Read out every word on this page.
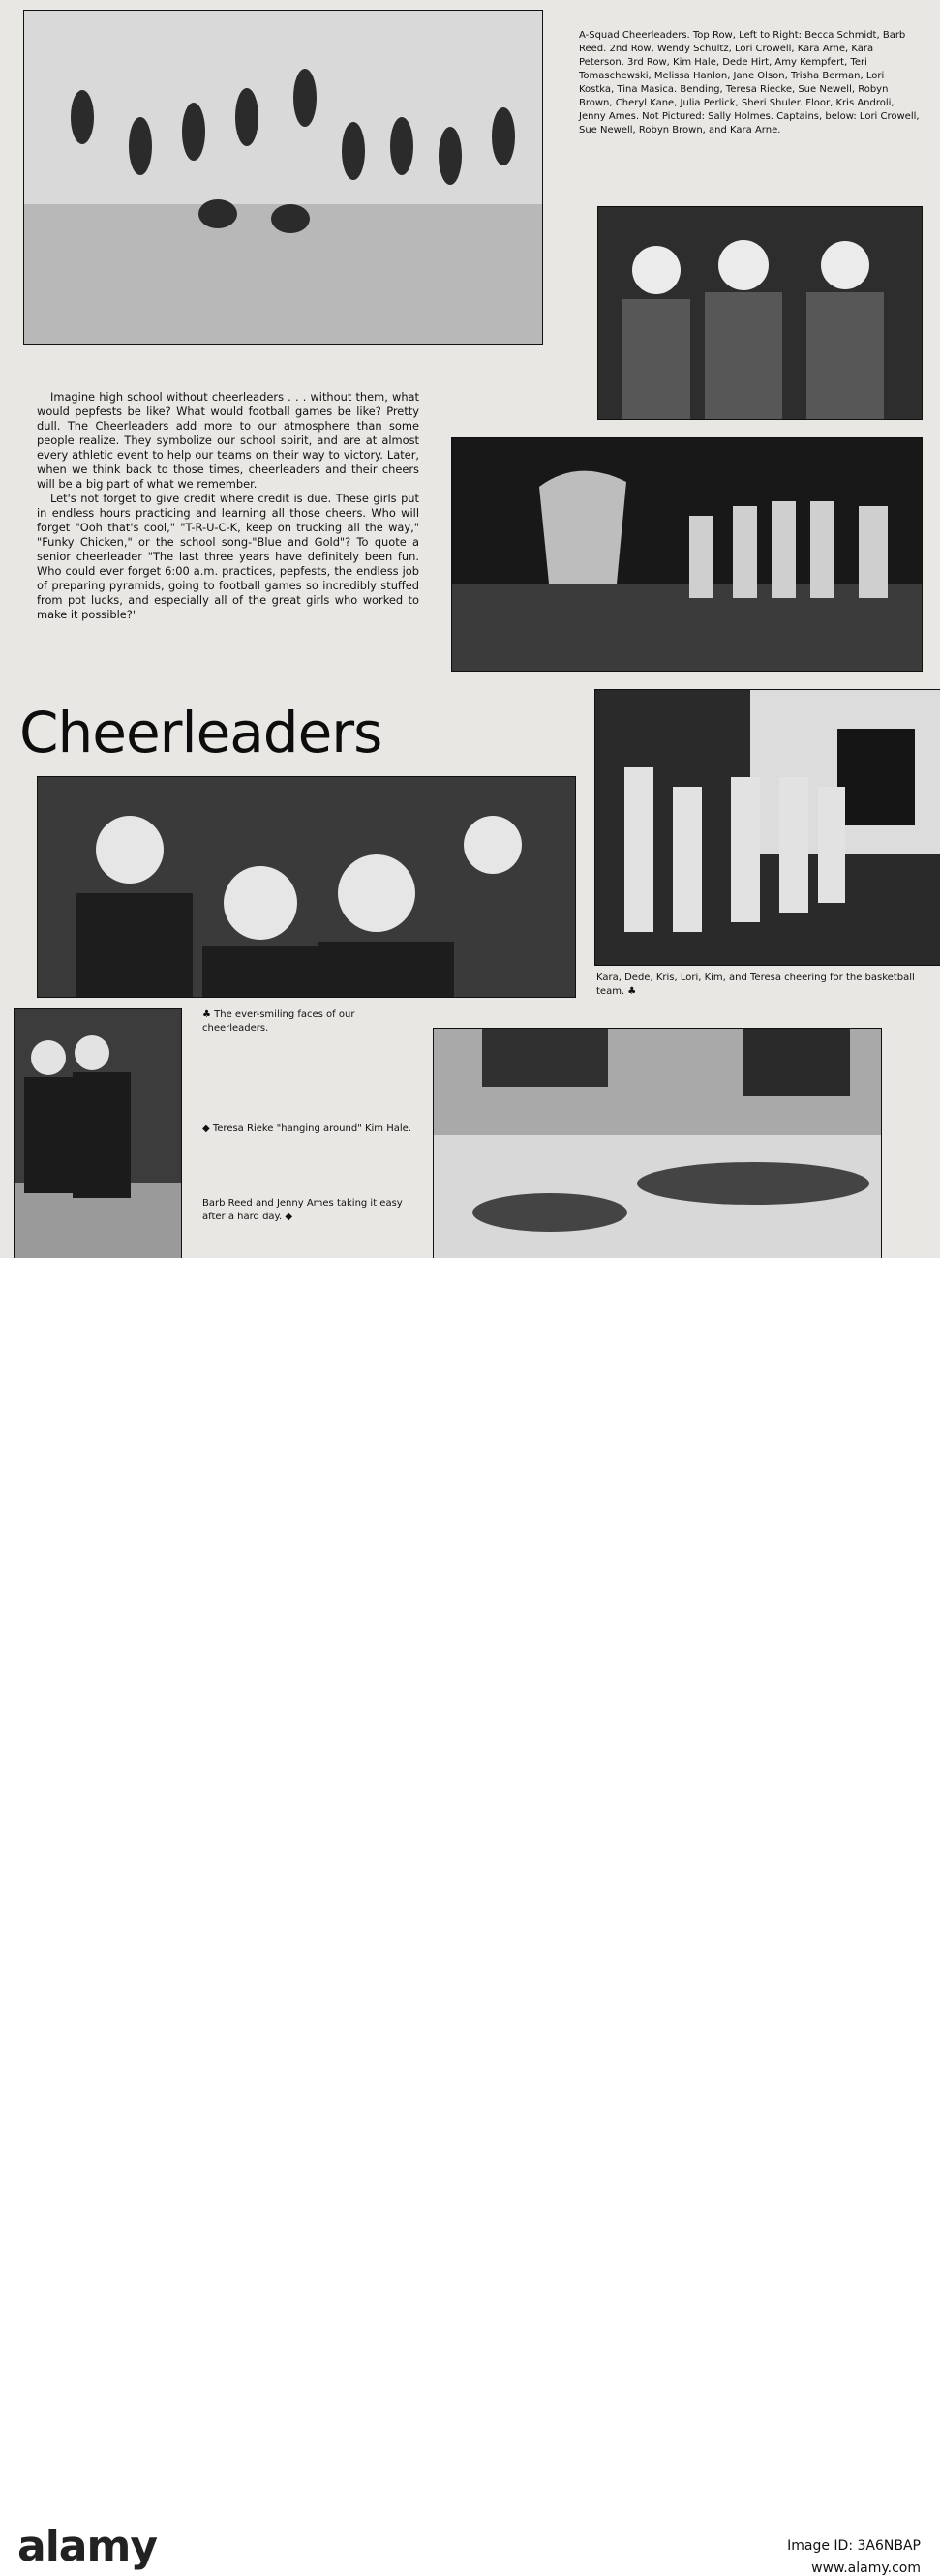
A-Squad Cheerleaders. Top Row, Left to Right: Becca Schmidt, Barb Reed. 2nd Row, Wendy Schultz, Lori Crowell, Kara Arne, Kara Peterson. 3rd Row, Kim Hale, Dede Hirt, Amy Kempfert, Teri Tomaschewski, Melissa Hanlon, Jane Olson, Trisha Berman, Lori Kostka, Tina Masica. Bending, Teresa Riecke, Sue Newell, Robyn Brown, Cheryl Kane, Julia Perlick, Sheri Shuler. Floor, Kris Androli, Jenny Ames. Not Pictured: Sally Holmes. Captains, below: Lori Crowell, Sue Newell, Robyn Brown, and Kara Arne.

Imagine high school without cheerleaders . . . without them, what would pepfests be like? What would football games be like? Pretty dull. The Cheerleaders add more to our atmosphere than some people realize. They symbolize our school spirit, and are at almost every athletic event to help our teams on their way to victory. Later, when we think back to those times, cheerleaders and their cheers will be a big part of what we remember.

Let's not forget to give credit where credit is due. These girls put in endless hours practicing and learning all those cheers. Who will forget "Ooh that's cool," "T-R-U-C-K, keep on trucking all the way," "Funky Chicken," or the school song-"Blue and Gold"? To quote a senior cheerleader "The last three years have definitely been fun. Who could ever forget 6:00 a.m. practices, pepfests, the endless job of preparing pyramids, going to football games so incredibly stuffed from pot lucks, and especially all of the great girls who worked to make it possible?"

Cheerleaders
Kara, Dede, Kris, Lori, Kim, and Teresa cheering for the basketball team. ♣
♣ The ever-smiling faces of our cheerleaders.
◆ Teresa Rieke "hanging around" Kim Hale.
Barb Reed and Jenny Ames taking it easy after a hard day. ◆
alamy	Image ID: 3A6NBAP
www.alamy.com
